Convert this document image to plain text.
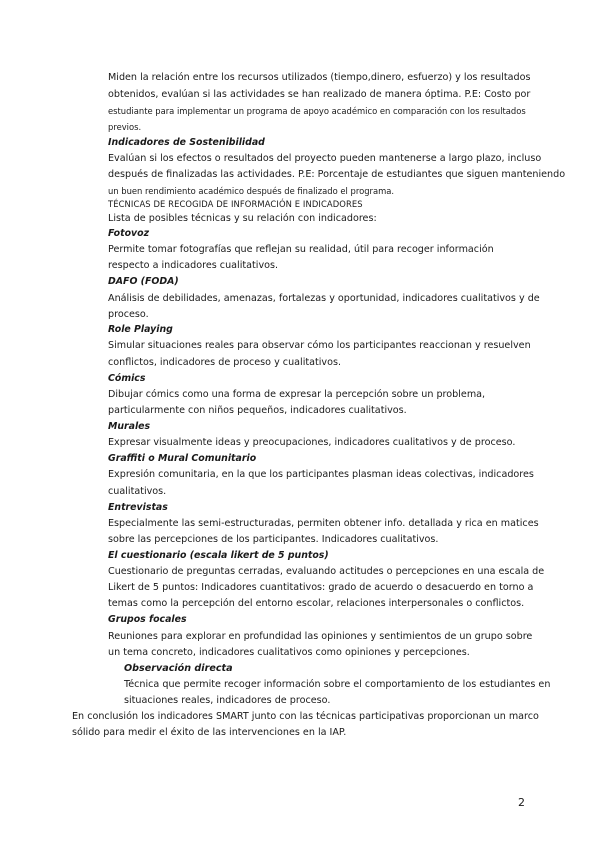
Miden la relación entre los recursos utilizados (tiempo,dinero, esfuerzo) y los resultados
obtenidos, evalúan si las actividades se han realizado de manera óptima. P.E: Costo por
estudiante para implementar un programa de apoyo académico en comparación con los resultados
previos.
Indicadores de Sostenibilidad
Evalúan si los efectos o resultados del proyecto pueden mantenerse a largo plazo, incluso
después de finalizadas las actividades. P.E: Porcentaje de estudiantes que siguen manteniendo
un buen rendimiento académico después de finalizado el programa.
TÉCNICAS DE RECOGIDA DE INFORMACIÓN E INDICADORES
Lista de posibles técnicas y su relación con indicadores:
Fotovoz
Permite tomar fotografías que reflejan su realidad, útil para recoger información
respecto a indicadores cualitativos.
DAFO (FODA)
Análisis de debilidades, amenazas, fortalezas y oportunidad, indicadores cualitativos y de
proceso.
Role Playing
Simular situaciones reales para observar cómo los participantes reaccionan y resuelven
conflictos, indicadores de proceso y cualitativos.
Cómics
Dibujar cómics como una forma de expresar la percepción sobre un problema,
particularmente con niños pequeños, indicadores cualitativos.
Murales
Expresar visualmente ideas y preocupaciones, indicadores cualitativos y de proceso.
Graffiti o Mural Comunitario
Expresión comunitaria, en la que los participantes plasman ideas colectivas, indicadores
cualitativos.
Entrevistas
Especialmente las semi-estructuradas, permiten obtener info. detallada y rica en matices
sobre las percepciones de los participantes. Indicadores cualitativos.
El cuestionario (escala likert de 5 puntos)
Cuestionario de preguntas cerradas, evaluando actitudes o percepciones en una escala de
Likert de 5 puntos: Indicadores cuantitativos: grado de acuerdo o desacuerdo en torno a
temas como la percepción del entorno escolar, relaciones interpersonales o conflictos.
Grupos focales
Reuniones para explorar en profundidad las opiniones y sentimientos de un grupo sobre
un tema concreto, indicadores cualitativos como opiniones y percepciones.
Observación directa
Técnica que permite recoger información sobre el comportamiento de los estudiantes en
situaciones reales, indicadores de proceso.
En conclusión los indicadores SMART junto con las técnicas participativas proporcionan un marco
sólido para medir el éxito de las intervenciones en la IAP.
2
